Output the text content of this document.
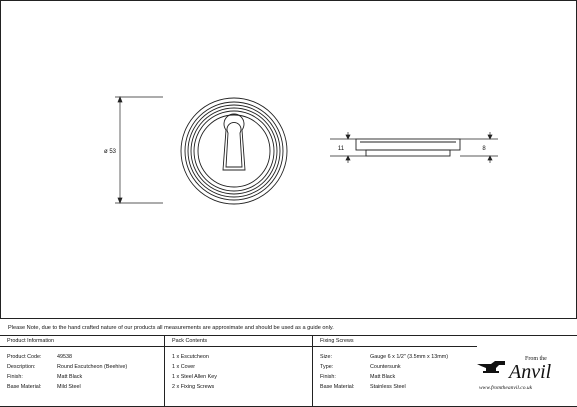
ø 53	11	8
Please Note, due to the hand crafted nature of our products all measurements are approximate and should be used as a guide only.
Product Information
Product Code:	49538
Description:	Round Escutcheon (Beehive)
Finish:	Matt Black
Base Material:	Mild Steel
Pack Contents
1 x Escutcheon
1 x Cover
1 x Steel Allen Key
2 x Fixing Screws
Fixing Screws
Size:	Gauge 6 x 1/2" (3.5mm x 13mm)
Type:	Countersunk
Finish:	Matt Black
Base Material:	Stainless Steel
From the
Anvil
www.fromtheanvil.co.uk
